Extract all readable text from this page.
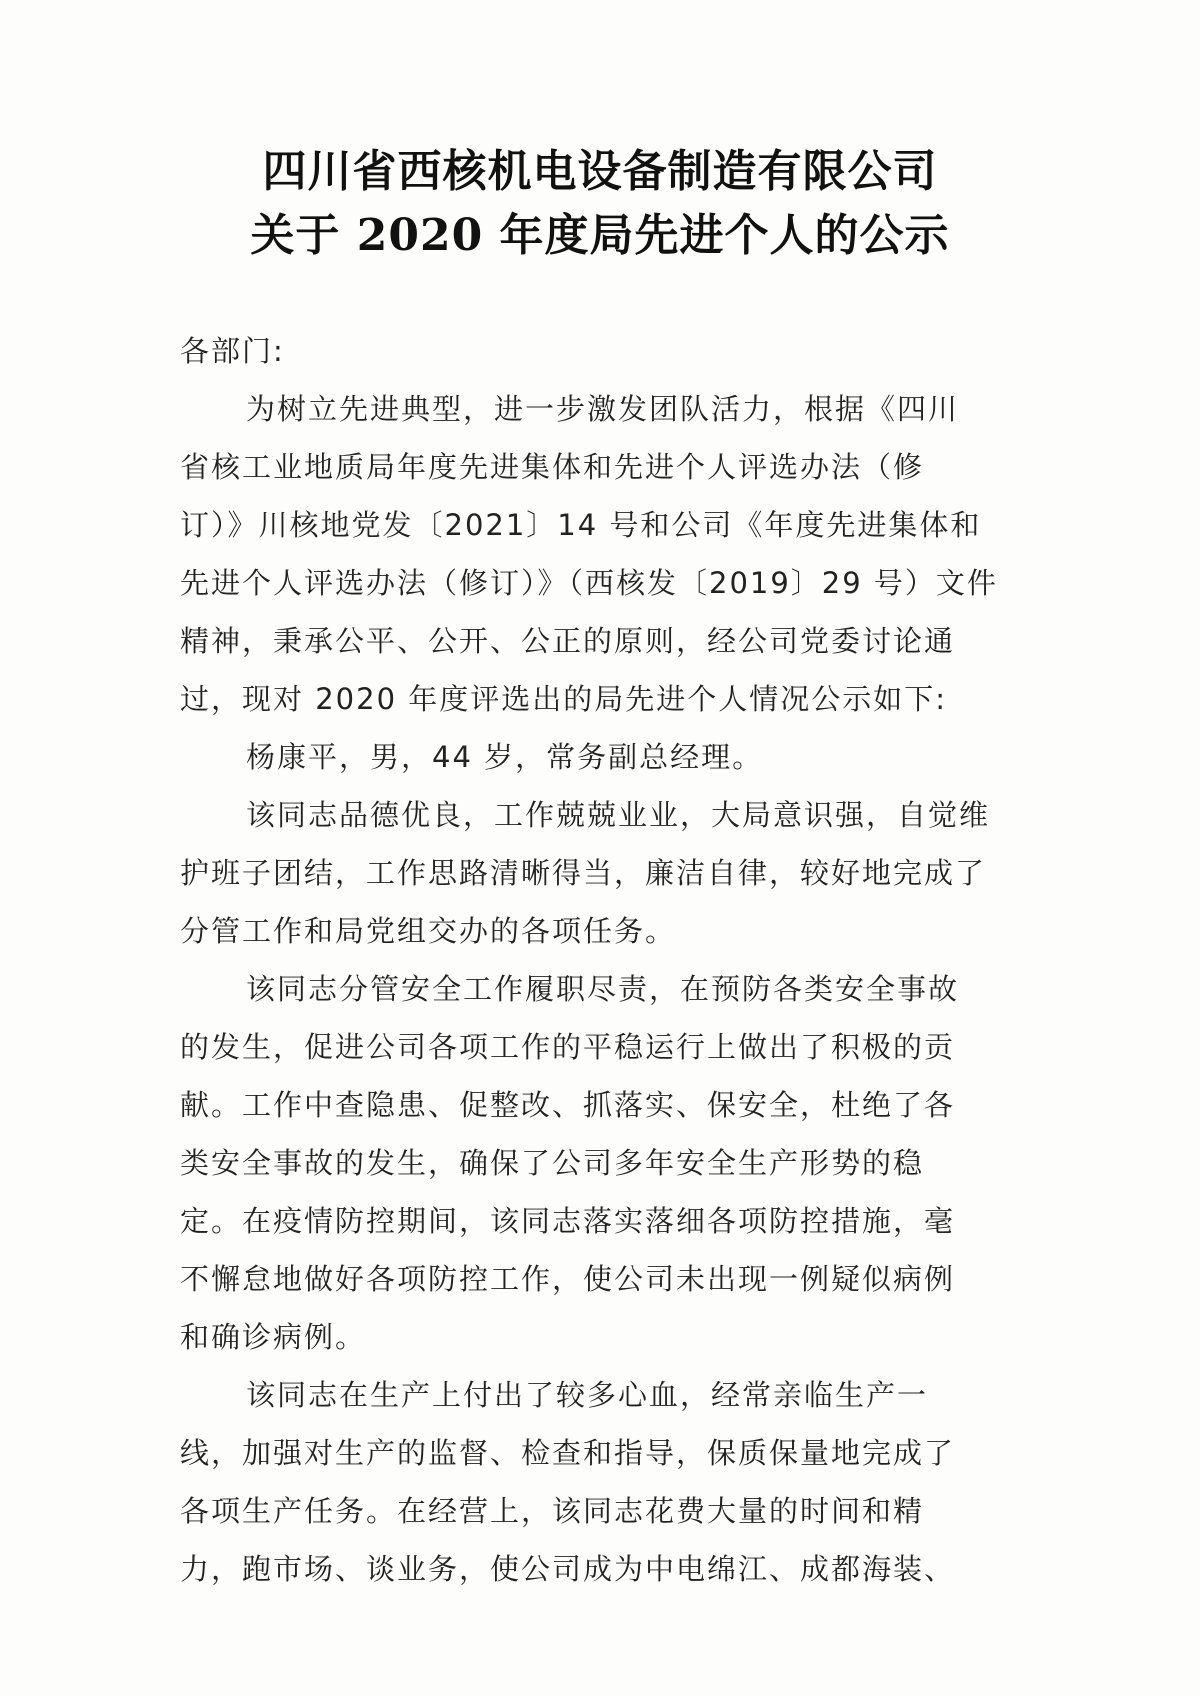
四川省西核机电设备制造有限公司
关于 2020 年度局先进个人的公示
各部门:
为树立先进典型，进一步激发团队活力，根据《四川
省核工业地质局年度先进集体和先进个人评选办法（修
订）》川核地党发〔2021〕14 号和公司《年度先进集体和
先进个人评选办法（修订）》（西核发〔2019〕29 号）文件
精神，秉承公平、公开、公正的原则，经公司党委讨论通
过，现对 2020 年度评选出的局先进个人情况公示如下:
杨康平，男，44 岁，常务副总经理。
该同志品德优良，工作兢兢业业，大局意识强，自觉维
护班子团结，工作思路清晰得当，廉洁自律，较好地完成了
分管工作和局党组交办的各项任务。
该同志分管安全工作履职尽责，在预防各类安全事故
的发生，促进公司各项工作的平稳运行上做出了积极的贡
献。工作中查隐患、促整改、抓落实、保安全，杜绝了各
类安全事故的发生，确保了公司多年安全生产形势的稳
定。在疫情防控期间，该同志落实落细各项防控措施，毫
不懈怠地做好各项防控工作，使公司未出现一例疑似病例
和确诊病例。
该同志在生产上付出了较多心血，经常亲临生产一
线，加强对生产的监督、检查和指导，保质保量地完成了
各项生产任务。在经营上，该同志花费大量的时间和精
力，跑市场、谈业务，使公司成为中电绵江、成都海装、
